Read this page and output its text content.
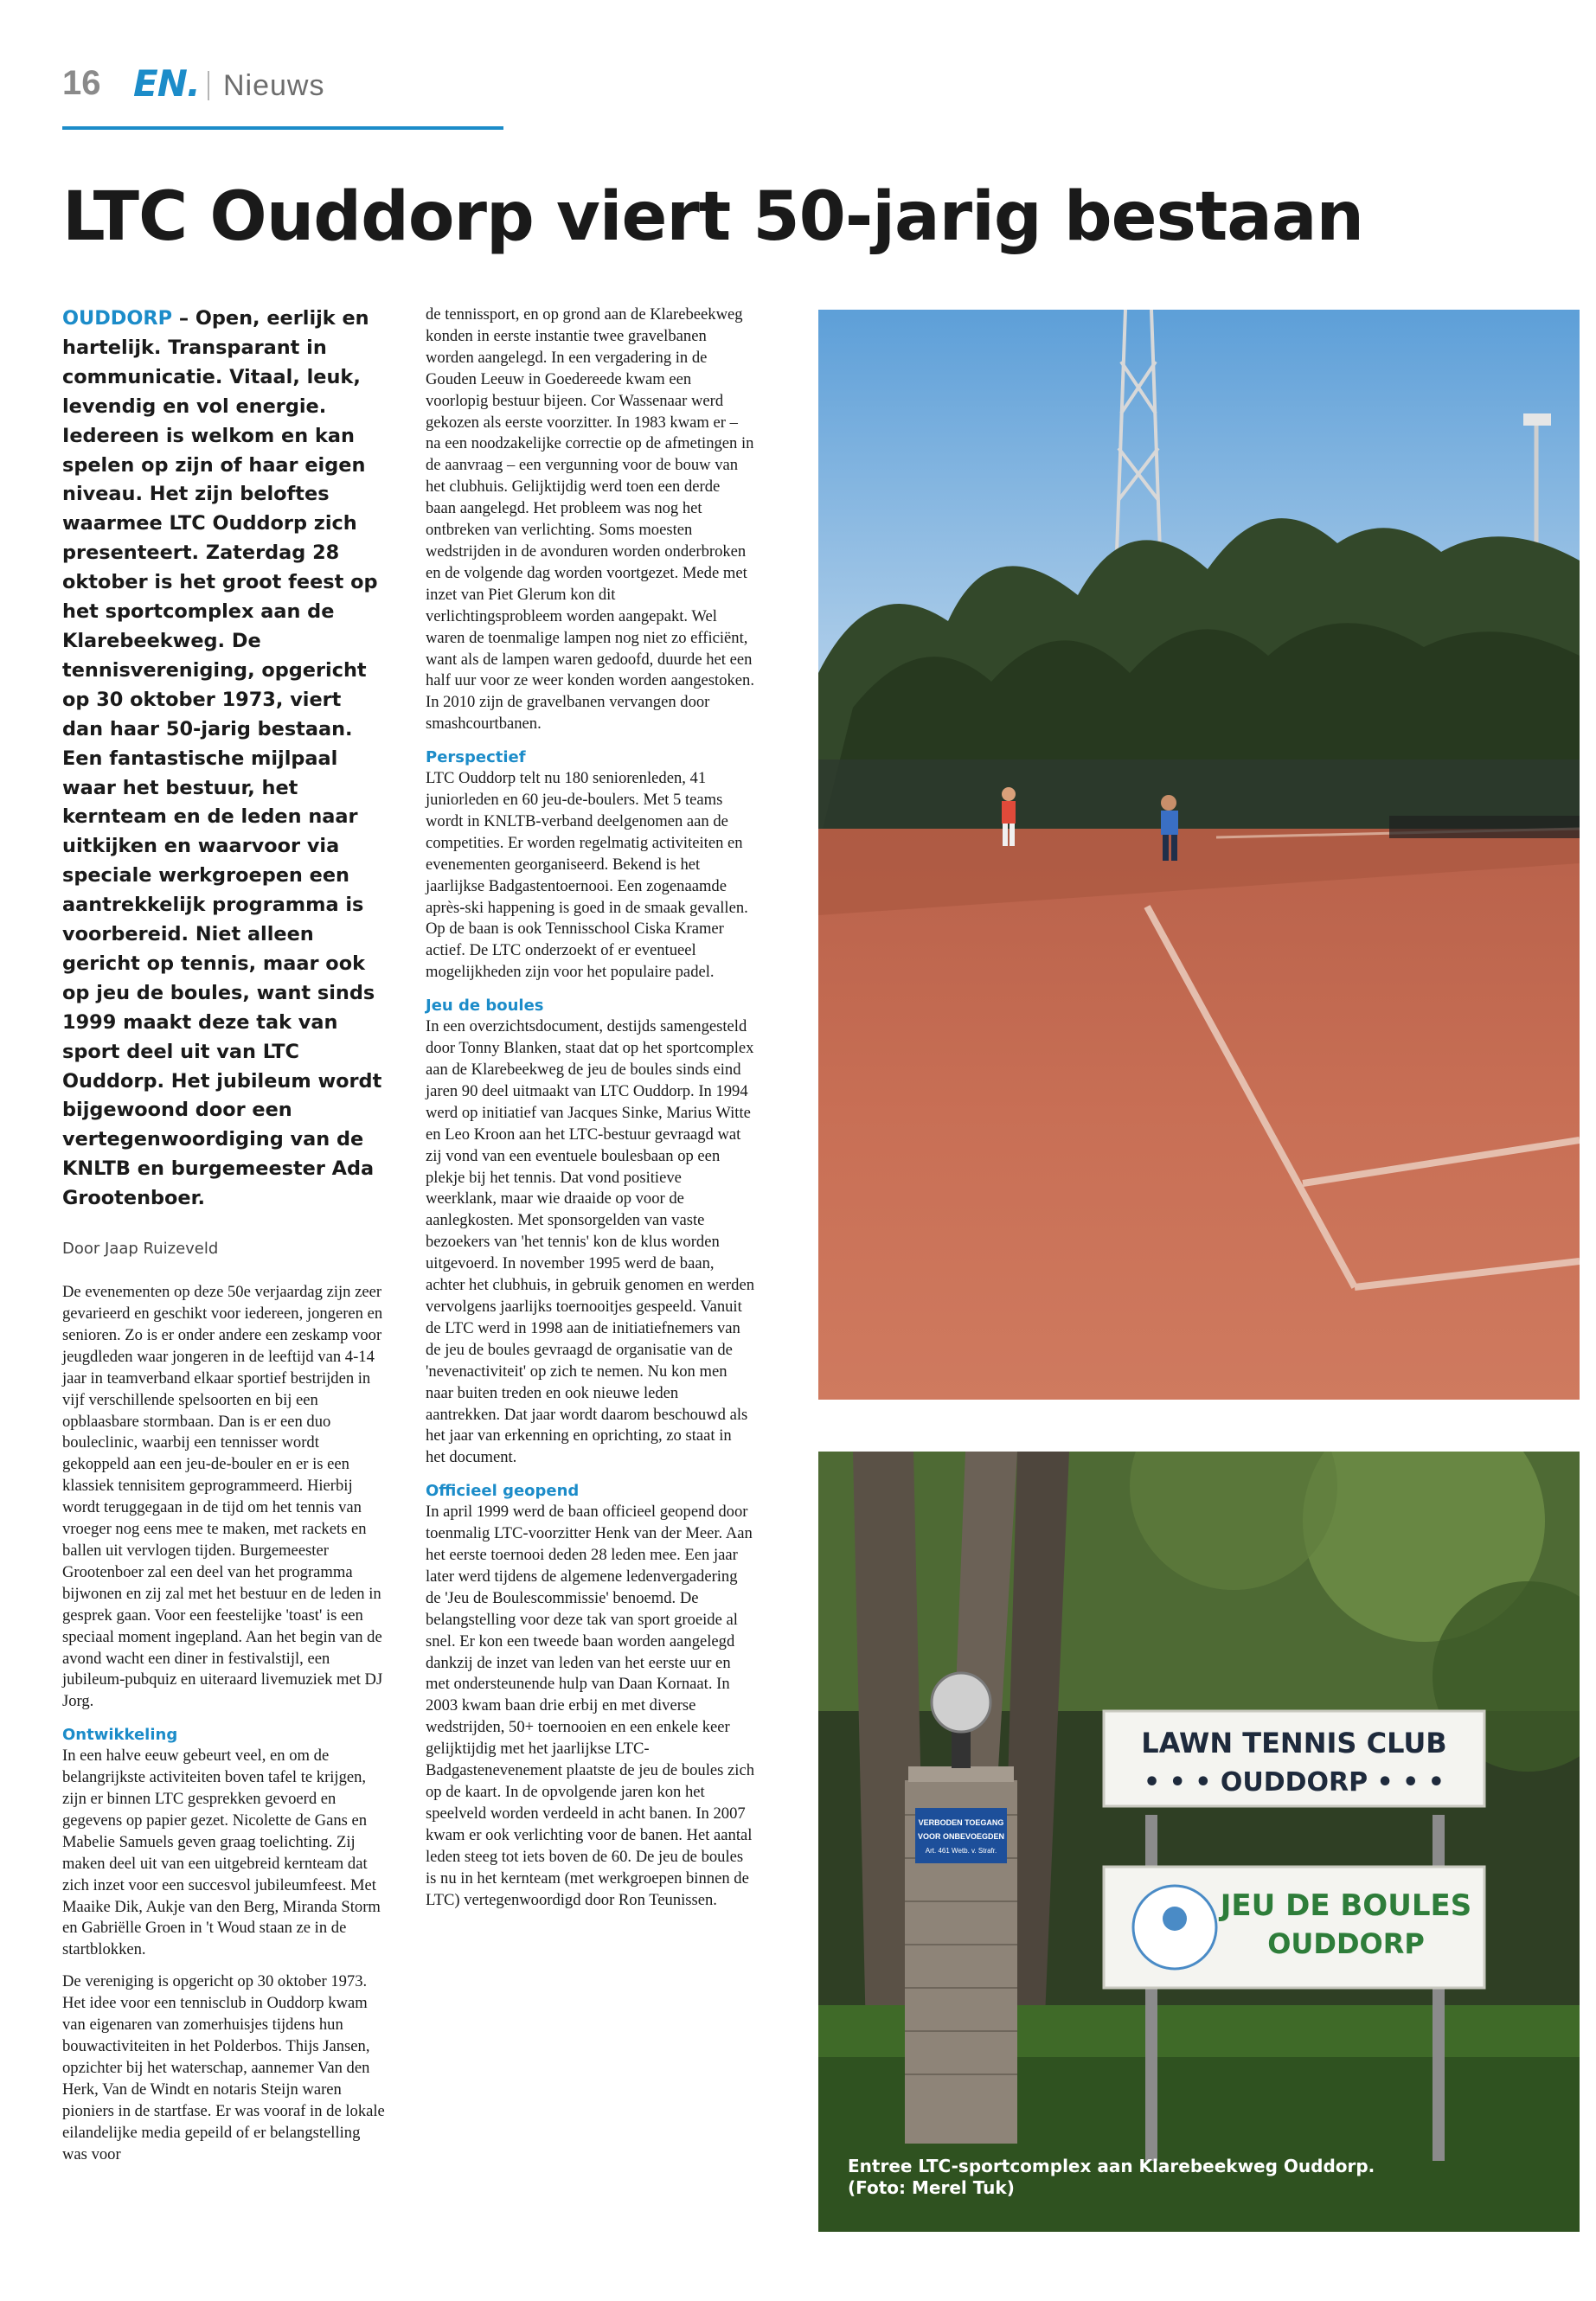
16 EN. Nieuws
LTC Ouddorp viert 50-jarig bestaan

OUDDORP – Open, eerlijk en hartelijk. Transparant in communicatie. Vitaal, leuk, levendig en vol energie. Iedereen is welkom en kan spelen op zijn of haar eigen niveau. Het zijn beloftes waarmee LTC Ouddorp zich presenteert. Zaterdag 28 oktober is het groot feest op het sportcomplex aan de Klarebeekweg. De tennisvereniging, opgericht op 30 oktober 1973, viert dan haar 50-jarig bestaan. Een fantastische mijlpaal waar het bestuur, het kernteam en de leden naar uitkijken en waarvoor via speciale werkgroepen een aantrekkelijk programma is voorbereid. Niet alleen gericht op tennis, maar ook op jeu de boules, want sinds 1999 maakt deze tak van sport deel uit van LTC Ouddorp. Het jubileum wordt bijgewoond door een vertegenwoordiging van de KNLTB en burgemeester Ada Grootenboer.

Door Jaap Ruizeveld

De evenementen op deze 50e verjaardag zijn zeer gevarieerd en geschikt voor iedereen, jongeren en senioren. Zo is er onder andere een zeskamp voor jeugdleden waar jongeren in de leeftijd van 4-14 jaar in teamverband elkaar sportief bestrijden in vijf verschillende spelsoorten en bij een opblaasbare stormbaan. Dan is er een duo bouleclinic, waarbij een tennisser wordt gekoppeld aan een jeu-de-bouler en er is een klassiek tennisitem geprogrammeerd. Hierbij wordt teruggegaan in de tijd om het tennis van vroeger nog eens mee te maken, met rackets en ballen uit vervlogen tijden. Burgemeester Grootenboer zal een deel van het programma bijwonen en zij zal met het bestuur en de leden in gesprek gaan. Voor een feestelijke 'toast' is een speciaal moment ingepland. Aan het begin van de avond wacht een diner in festivalstijl, een jubileum-pubquiz en uiteraard livemuziek met DJ Jorg.

Ontwikkeling

In een halve eeuw gebeurt veel, en om de belangrijkste activiteiten boven tafel te krijgen, zijn er binnen LTC gesprekken gevoerd en gegevens op papier gezet. Nicolette de Gans en Mabelie Samuels geven graag toelichting. Zij maken deel uit van een uitgebreid kernteam dat zich inzet voor een succesvol jubileumfeest. Met Maaike Dik, Aukje van den Berg, Miranda Storm en Gabriëlle Groen in 't Woud staan ze in de startblokken.

De vereniging is opgericht op 30 oktober 1973. Het idee voor een tennisclub in Ouddorp kwam van eigenaren van zomerhuisjes tijdens hun bouwactiviteiten in het Polderbos. Thijs Jansen, opzichter bij het waterschap, aannemer Van den Herk, Van de Windt en notaris Steijn waren pioniers in de startfase. Er was vooraf in de lokale eilandelijke media gepeild of er belangstelling was voor

de tennissport, en op grond aan de Klarebeekweg konden in eerste instantie twee gravelbanen worden aangelegd. In een vergadering in de Gouden Leeuw in Goedereede kwam een voorlopig bestuur bijeen. Cor Wassenaar werd gekozen als eerste voorzitter. In 1983 kwam er – na een noodzakelijke correctie op de afmetingen in de aanvraag – een vergunning voor de bouw van het clubhuis. Gelijktijdig werd toen een derde baan aangelegd. Het probleem was nog het ontbreken van verlichting. Soms moesten wedstrijden in de avonduren worden onderbroken en de volgende dag worden voortgezet. Mede met inzet van Piet Glerum kon dit verlichtingsprobleem worden aangepakt. Wel waren de toenmalige lampen nog niet zo efficiënt, want als de lampen waren gedoofd, duurde het een half uur voor ze weer konden worden aangestoken. In 2010 zijn de gravelbanen vervangen door smashcourtbanen.

Perspectief

LTC Ouddorp telt nu 180 seniorenleden, 41 juniorleden en 60 jeu-de-boulers. Met 5 teams wordt in KNLTB-verband deelgenomen aan de competities. Er worden regelmatig activiteiten en evenementen georganiseerd. Bekend is het jaarlijkse Badgastentoernooi. Een zogenaamde après-ski happening is goed in de smaak gevallen. Op de baan is ook Tennisschool Ciska Kramer actief. De LTC onderzoekt of er eventueel mogelijkheden zijn voor het populaire padel.

Jeu de boules

In een overzichtsdocument, destijds samengesteld door Tonny Blanken, staat dat op het sportcomplex aan de Klarebeekweg de jeu de boules sinds eind jaren 90 deel uitmaakt van LTC Ouddorp. In 1994 werd op initiatief van Jacques Sinke, Marius Witte en Leo Kroon aan het LTC-bestuur gevraagd wat zij vond van een eventuele boulesbaan op een plekje bij het tennis. Dat vond positieve weerklank, maar wie draaide op voor de aanlegkosten. Met sponsorgelden van vaste bezoekers van 'het tennis' kon de klus worden uitgevoerd. In november 1995 werd de baan, achter het clubhuis, in gebruik genomen en werden vervolgens jaarlijks toernooitjes gespeeld. Vanuit de LTC werd in 1998 aan de initiatiefnemers van de jeu de boules gevraagd de organisatie van de 'nevenactiviteit' op zich te nemen. Nu kon men naar buiten treden en ook nieuwe leden aantrekken. Dat jaar wordt daarom beschouwd als het jaar van erkenning en oprichting, zo staat in het document.

Officieel geopend

In april 1999 werd de baan officieel geopend door toenmalig LTC-voorzitter Henk van der Meer. Aan het eerste toernooi deden 28 leden mee. Een jaar later werd tijdens de algemene ledenvergadering de 'Jeu de Boulescommissie' benoemd. De belangstelling voor deze tak van sport groeide al snel. Er kon een tweede baan worden aangelegd dankzij de inzet van leden van het eerste uur en met ondersteunende hulp van Daan Kornaat. In 2003 kwam baan drie erbij en met diverse wedstrijden, 50+ toernooien en een enkele keer gelijktijdig met het jaarlijkse LTC-Badgastenevenement plaatste de jeu de boules zich op de kaart. In de opvolgende jaren kon het speelveld worden verdeeld in acht banen. In 2007 kwam er ook verlichting voor de banen. Het aantal leden steeg tot iets boven de 60. De jeu de boules is nu in het kernteam (met werkgroepen binnen de LTC) vertegenwoordigd door Ron Teunissen.

VERBODEN TOEGANG
VOOR ONBEVOEGDEN
Art. 461 Wetb. v. Strafr.
LAWN TENNIS CLUB
• • • OUDDORP • • •
JEU DE BOULES
OUDDORP

Entree LTC-sportcomplex aan Klarebeekweg Ouddorp. (Foto: Merel Tuk)
